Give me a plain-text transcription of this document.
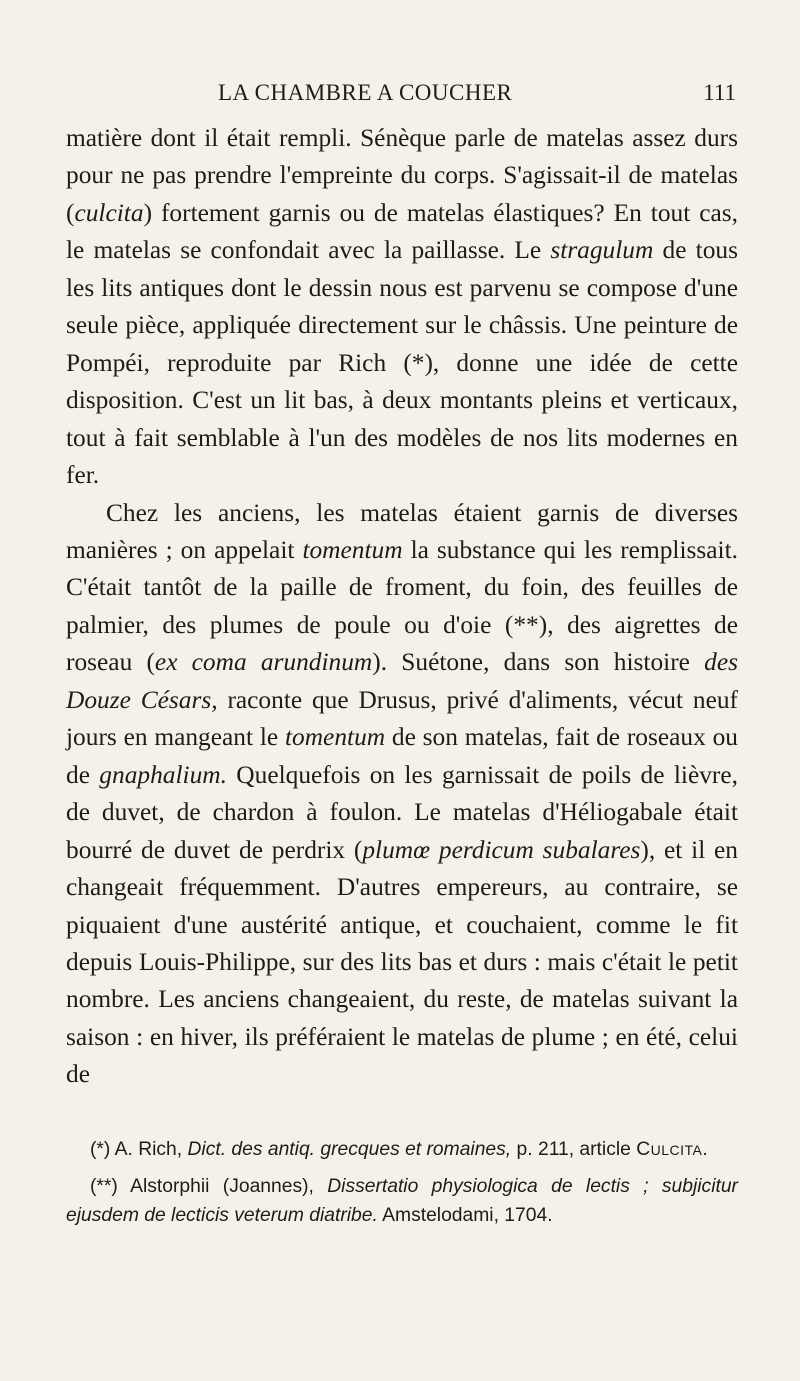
LA CHAMBRE A COUCHER	111

matière dont il était rempli. Sénèque parle de matelas assez durs pour ne pas prendre l'empreinte du corps. S'agissait-il de matelas (culcita) fortement garnis ou de matelas élastiques? En tout cas, le matelas se confondait avec la paillasse. Le stragulum de tous les lits antiques dont le dessin nous est parvenu se compose d'une seule pièce, appliquée directement sur le châssis. Une peinture de Pompéi, reproduite par Rich (*), donne une idée de cette disposition. C'est un lit bas, à deux montants pleins et verticaux, tout à fait semblable à l'un des modèles de nos lits modernes en fer.

Chez les anciens, les matelas étaient garnis de diverses manières ; on appelait tomentum la substance qui les remplissait. C'était tantôt de la paille de froment, du foin, des feuilles de palmier, des plumes de poule ou d'oie (**), des aigrettes de roseau (ex coma arundinum). Suétone, dans son histoire des Douze Césars, raconte que Drusus, privé d'aliments, vécut neuf jours en mangeant le tomentum de son matelas, fait de roseaux ou de gnaphalium. Quelquefois on les garnissait de poils de lièvre, de duvet, de chardon à foulon. Le matelas d'Héliogabale était bourré de duvet de perdrix (plumœ perdicum subalares), et il en changeait fréquemment. D'autres empereurs, au contraire, se piquaient d'une austérité antique, et couchaient, comme le fit depuis Louis-Philippe, sur des lits bas et durs : mais c'était le petit nombre. Les anciens changeaient, du reste, de matelas suivant la saison : en hiver, ils préféraient le matelas de plume ; en été, celui de

(*) A. Rich, Dict. des antiq. grecques et romaines, p. 211, article Culcita.

(**) Alstorphii (Joannes), Dissertatio physiologica de lectis ; subjicitur ejusdem de lecticis veterum diatribe. Amstelodami, 1704.
